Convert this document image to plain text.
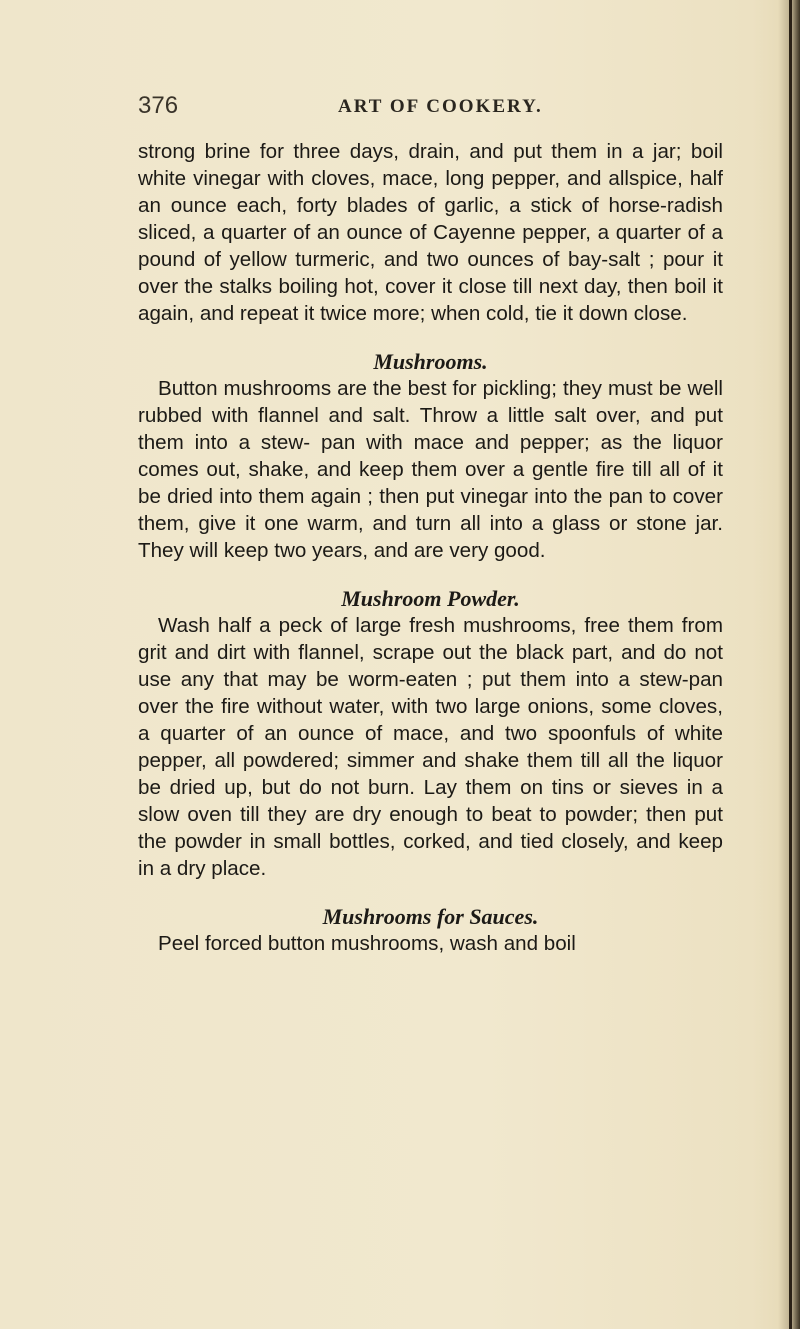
376	ART OF COOKERY.

strong brine for three days, drain, and put them in a jar; boil white vinegar with cloves, mace, long pepper, and allspice, half an ounce each, forty blades of garlic, a stick of horse-radish sliced, a quarter of an ounce of Cayenne pepper, a quarter of a pound of yellow turmeric, and two ounces of bay-salt ; pour it over the stalks boiling hot, cover it close till next day, then boil it again, and repeat it twice more; when cold, tie it down close.

Mushrooms.

Button mushrooms are the best for pickling; they must be well rubbed with flannel and salt. Throw a little salt over, and put them into a stew- pan with mace and pepper; as the liquor comes out, shake, and keep them over a gentle fire till all of it be dried into them again ; then put vinegar into the pan to cover them, give it one warm, and turn all into a glass or stone jar. They will keep two years, and are very good.

Mushroom Powder.

Wash half a peck of large fresh mushrooms, free them from grit and dirt with flannel, scrape out the black part, and do not use any that may be worm-eaten ; put them into a stew-pan over the fire without water, with two large onions, some cloves, a quarter of an ounce of mace, and two spoonfuls of white pepper, all powdered; simmer and shake them till all the liquor be dried up, but do not burn. Lay them on tins or sieves in a slow oven till they are dry enough to beat to powder; then put the powder in small bottles, corked, and tied closely, and keep in a dry place.

Mushrooms for Sauces.

Peel forced button mushrooms, wash and boil
